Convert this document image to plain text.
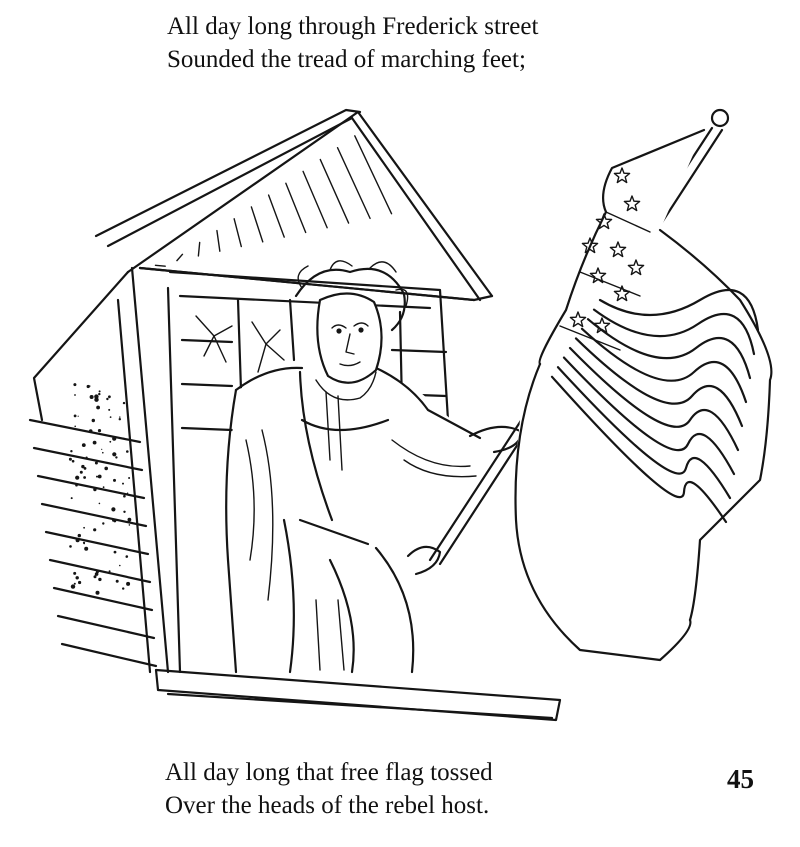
All day long through Frederick street
Sounded the tread of marching feet;
All day long that free flag tossed
Over the heads of the rebel host.
45
